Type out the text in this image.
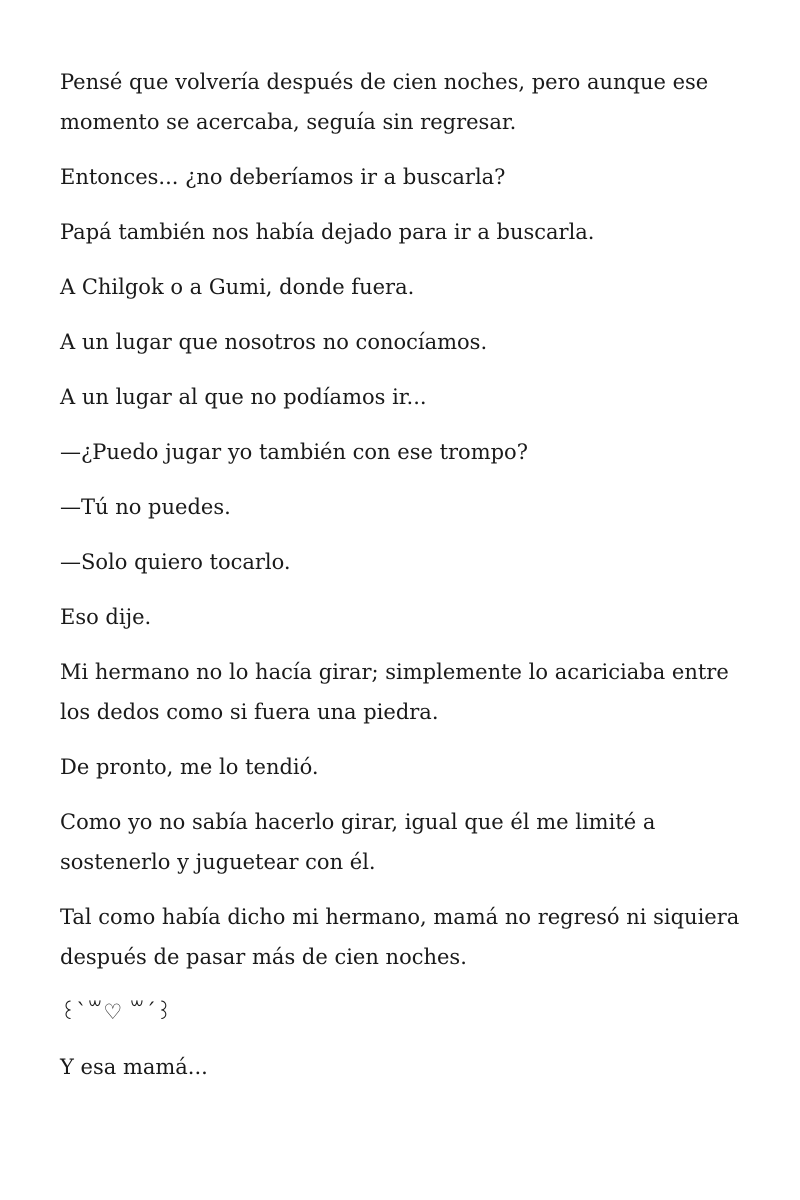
Pensé que volvería después de cien noches, pero aunque ese momento se acercaba, seguía sin regresar.

Entonces... ¿no deberíamos ir a buscarla?

Papá también nos había dejado para ir a buscarla.

A Chilgok o a Gumi, donde fuera.

A un lugar que nosotros no conocíamos.

A un lugar al que no podíamos ir...

—¿Puedo jugar yo también con ese trompo?

—Tú no puedes.

—Solo quiero tocarlo.

Eso dije.

Mi hermano no lo hacía girar; simplemente lo acariciaba entre los dedos como si fuera una piedra.

De pronto, me lo tendió.

Como yo no sabía hacerlo girar, igual que él me limité a sostenerlo y juguetear con él.

Tal como había dicho mi hermano, mamá no regresó ni siquiera después de pasar más de cien noches.

꒰`꒳♡ ꒳´꒱

Y esa mamá...
